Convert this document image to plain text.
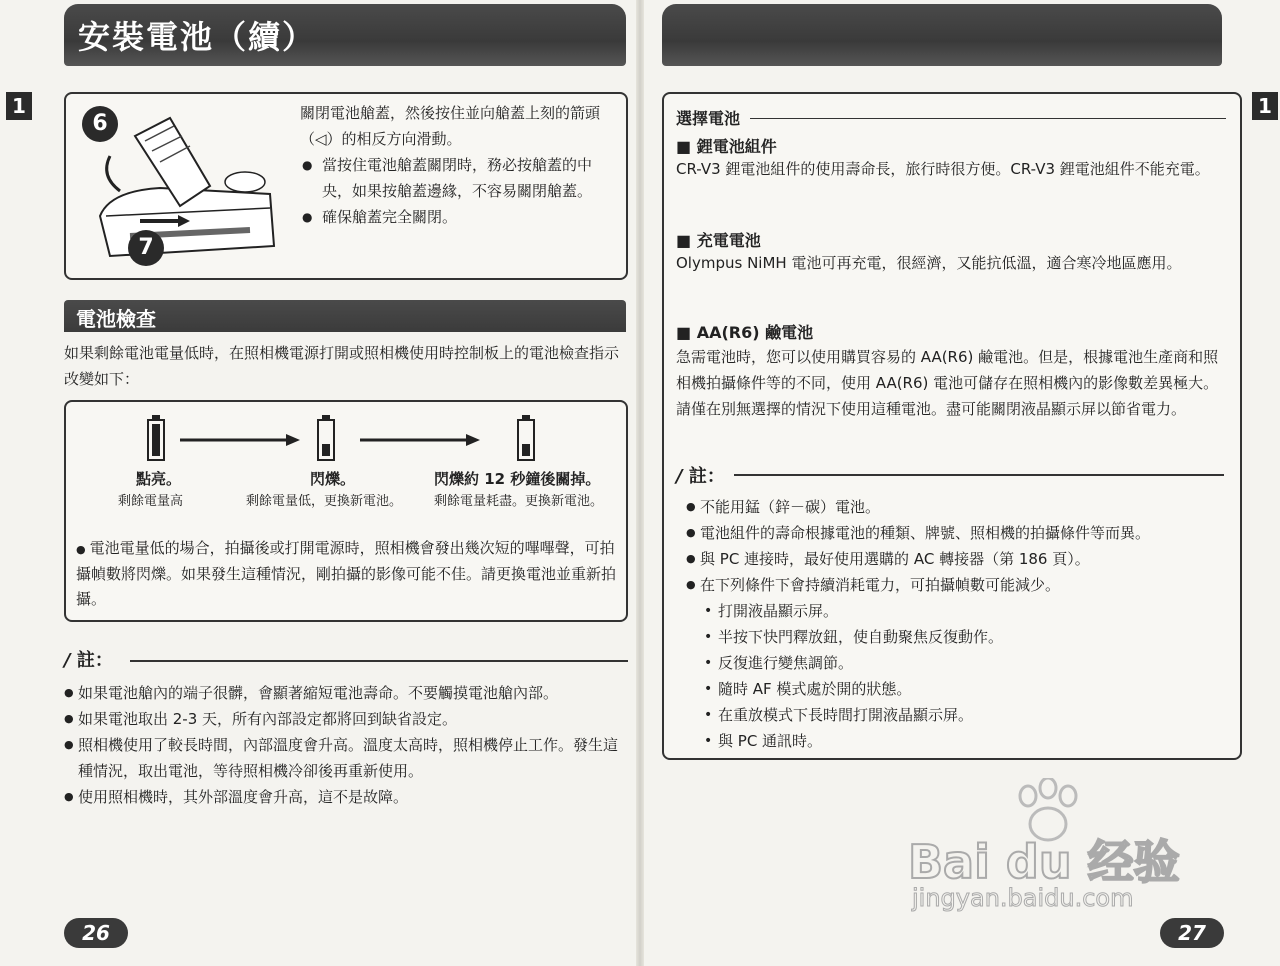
安裝電池（續）
1
6
7
關閉電池艙蓋，然後按住並向艙蓋上刻的箭頭（◁）的相反方向滑動。
● 當按住電池艙蓋關閉時，務必按艙蓋的中央，如果按艙蓋邊緣，不容易關閉艙蓋。
● 確保艙蓋完全關閉。
電池檢查
如果剩餘電池電量低時，在照相機電源打開或照相機使用時控制板上的電池檢查指示改變如下：
點亮。
剩餘電量高
閃爍。
剩餘電量低，更換新電池。
閃爍約 12 秒鐘後關掉。
剩餘電量耗盡。更換新電池。
● 電池電量低的場合，拍攝後或打開電源時，照相機會發出幾次短的嗶嗶聲，可拍攝幀數將閃爍。如果發生這種情況，剛拍攝的影像可能不佳。請更換電池並重新拍攝。
/ 註：
● 如果電池艙內的端子很髒，會顯著縮短電池壽命。不要觸摸電池艙內部。
● 如果電池取出 2-3 天，所有內部設定都將回到缺省設定。
● 照相機使用了較長時間，內部溫度會升高。溫度太高時，照相機停止工作。發生這種情況，取出電池，等待照相機冷卻後再重新使用。
● 使用照相機時，其外部溫度會升高，這不是故障。
26
1
選擇電池
■ 鋰電池組件
CR-V3 鋰電池組件的使用壽命長，旅行時很方便。CR-V3 鋰電池組件不能充電。
■ 充電電池
Olympus NiMH 電池可再充電，很經濟，又能抗低溫，適合寒冷地區應用。
■ AA(R6) 鹼電池
急需電池時，您可以使用購買容易的 AA(R6) 鹼電池。但是，根據電池生產商和照相機拍攝條件等的不同，使用 AA(R6) 電池可儲存在照相機內的影像數差異極大。請僅在別無選擇的情況下使用這種電池。盡可能關閉液晶顯示屏以節省電力。
/ 註：
● 不能用錳（鋅－碳）電池。
● 電池組件的壽命根據電池的種類、牌號、照相機的拍攝條件等而異。
● 與 PC 連接時，最好使用選購的 AC 轉接器（第 186 頁）。
● 在下列條件下會持續消耗電力，可拍攝幀數可能減少。
• 打開液晶顯示屏。
• 半按下快門釋放鈕，使自動聚焦反復動作。
• 反復進行變焦調節。
• 隨時 AF 模式處於開的狀態。
• 在重放模式下長時間打開液晶顯示屏。
• 與 PC 通訊時。
Bai du 经验
jingyan.baidu.com
27
